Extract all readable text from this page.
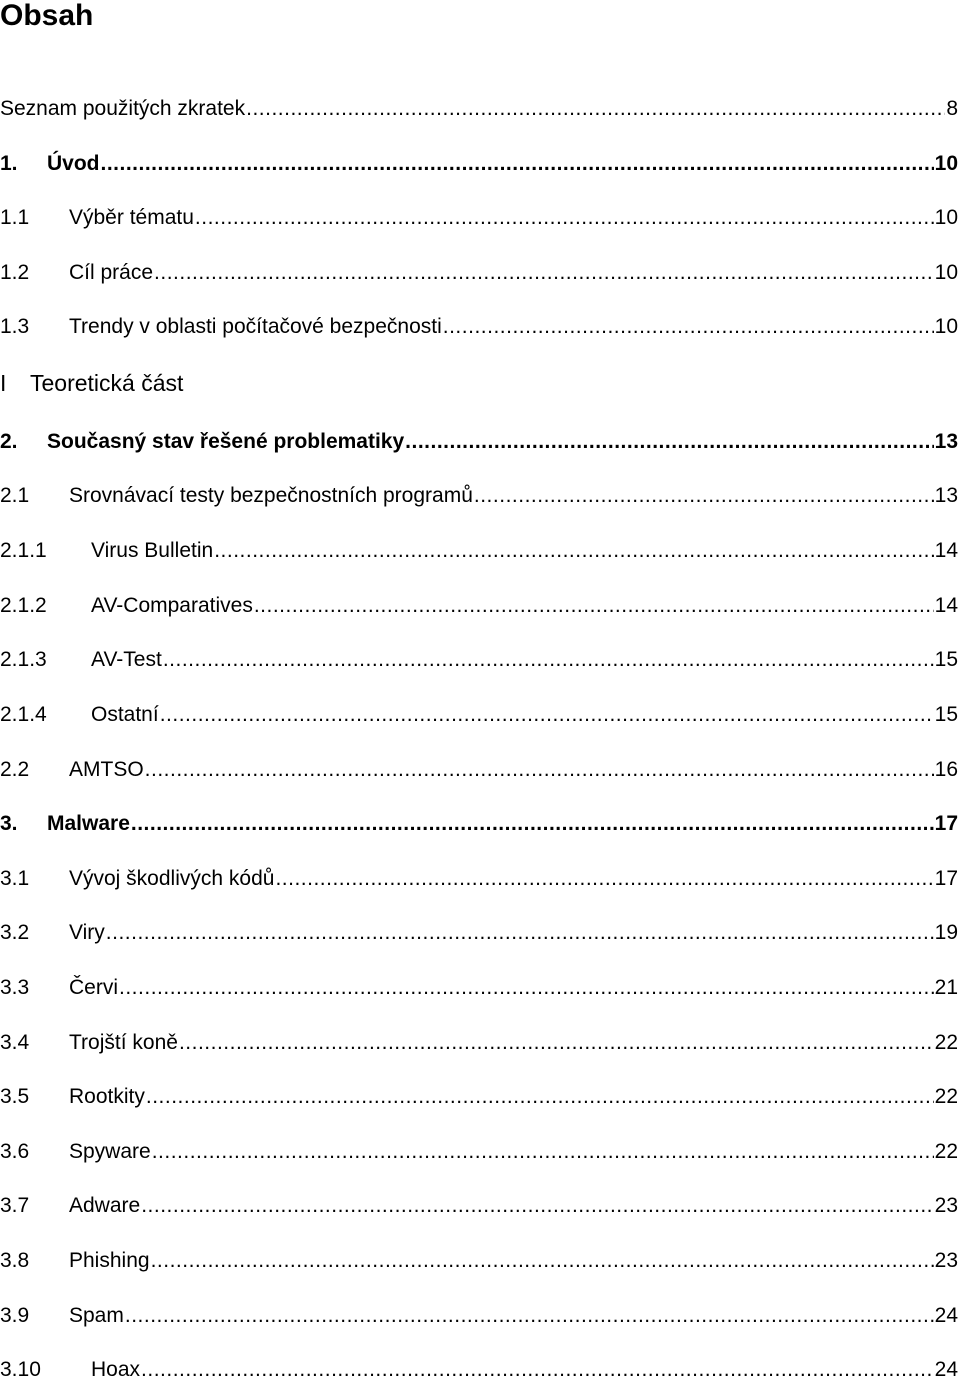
Obsah
I Teoretická část
Seznam použitých zkratek .....	8
1.	Úvod .....	10
1.1	Výběr tématu .....	10
1.2	Cíl práce .....	10
1.3	Trendy v oblasti počítačové bezpečnosti .....	10
2.	Současný stav řešené problematiky .....	13
2.1	Srovnávací testy bezpečnostních programů .....	13
2.1.1	Virus Bulletin .....	14
2.1.2	AV-Comparatives .....	14
2.1.3	AV-Test .....	15
2.1.4	Ostatní .....	15
2.2	AMTSO .....	16
3.	Malware .....	17
3.1	Vývoj škodlivých kódů .....	17
3.2	Viry .....	19
3.3	Červi .....	21
3.4	Trojští koně .....	22
3.5	Rootkity .....	22
3.6	Spyware .....	22
3.7	Adware .....	23
3.8	Phishing .....	23
3.9	Spam .....	24
3.10	Hoax .....	24
